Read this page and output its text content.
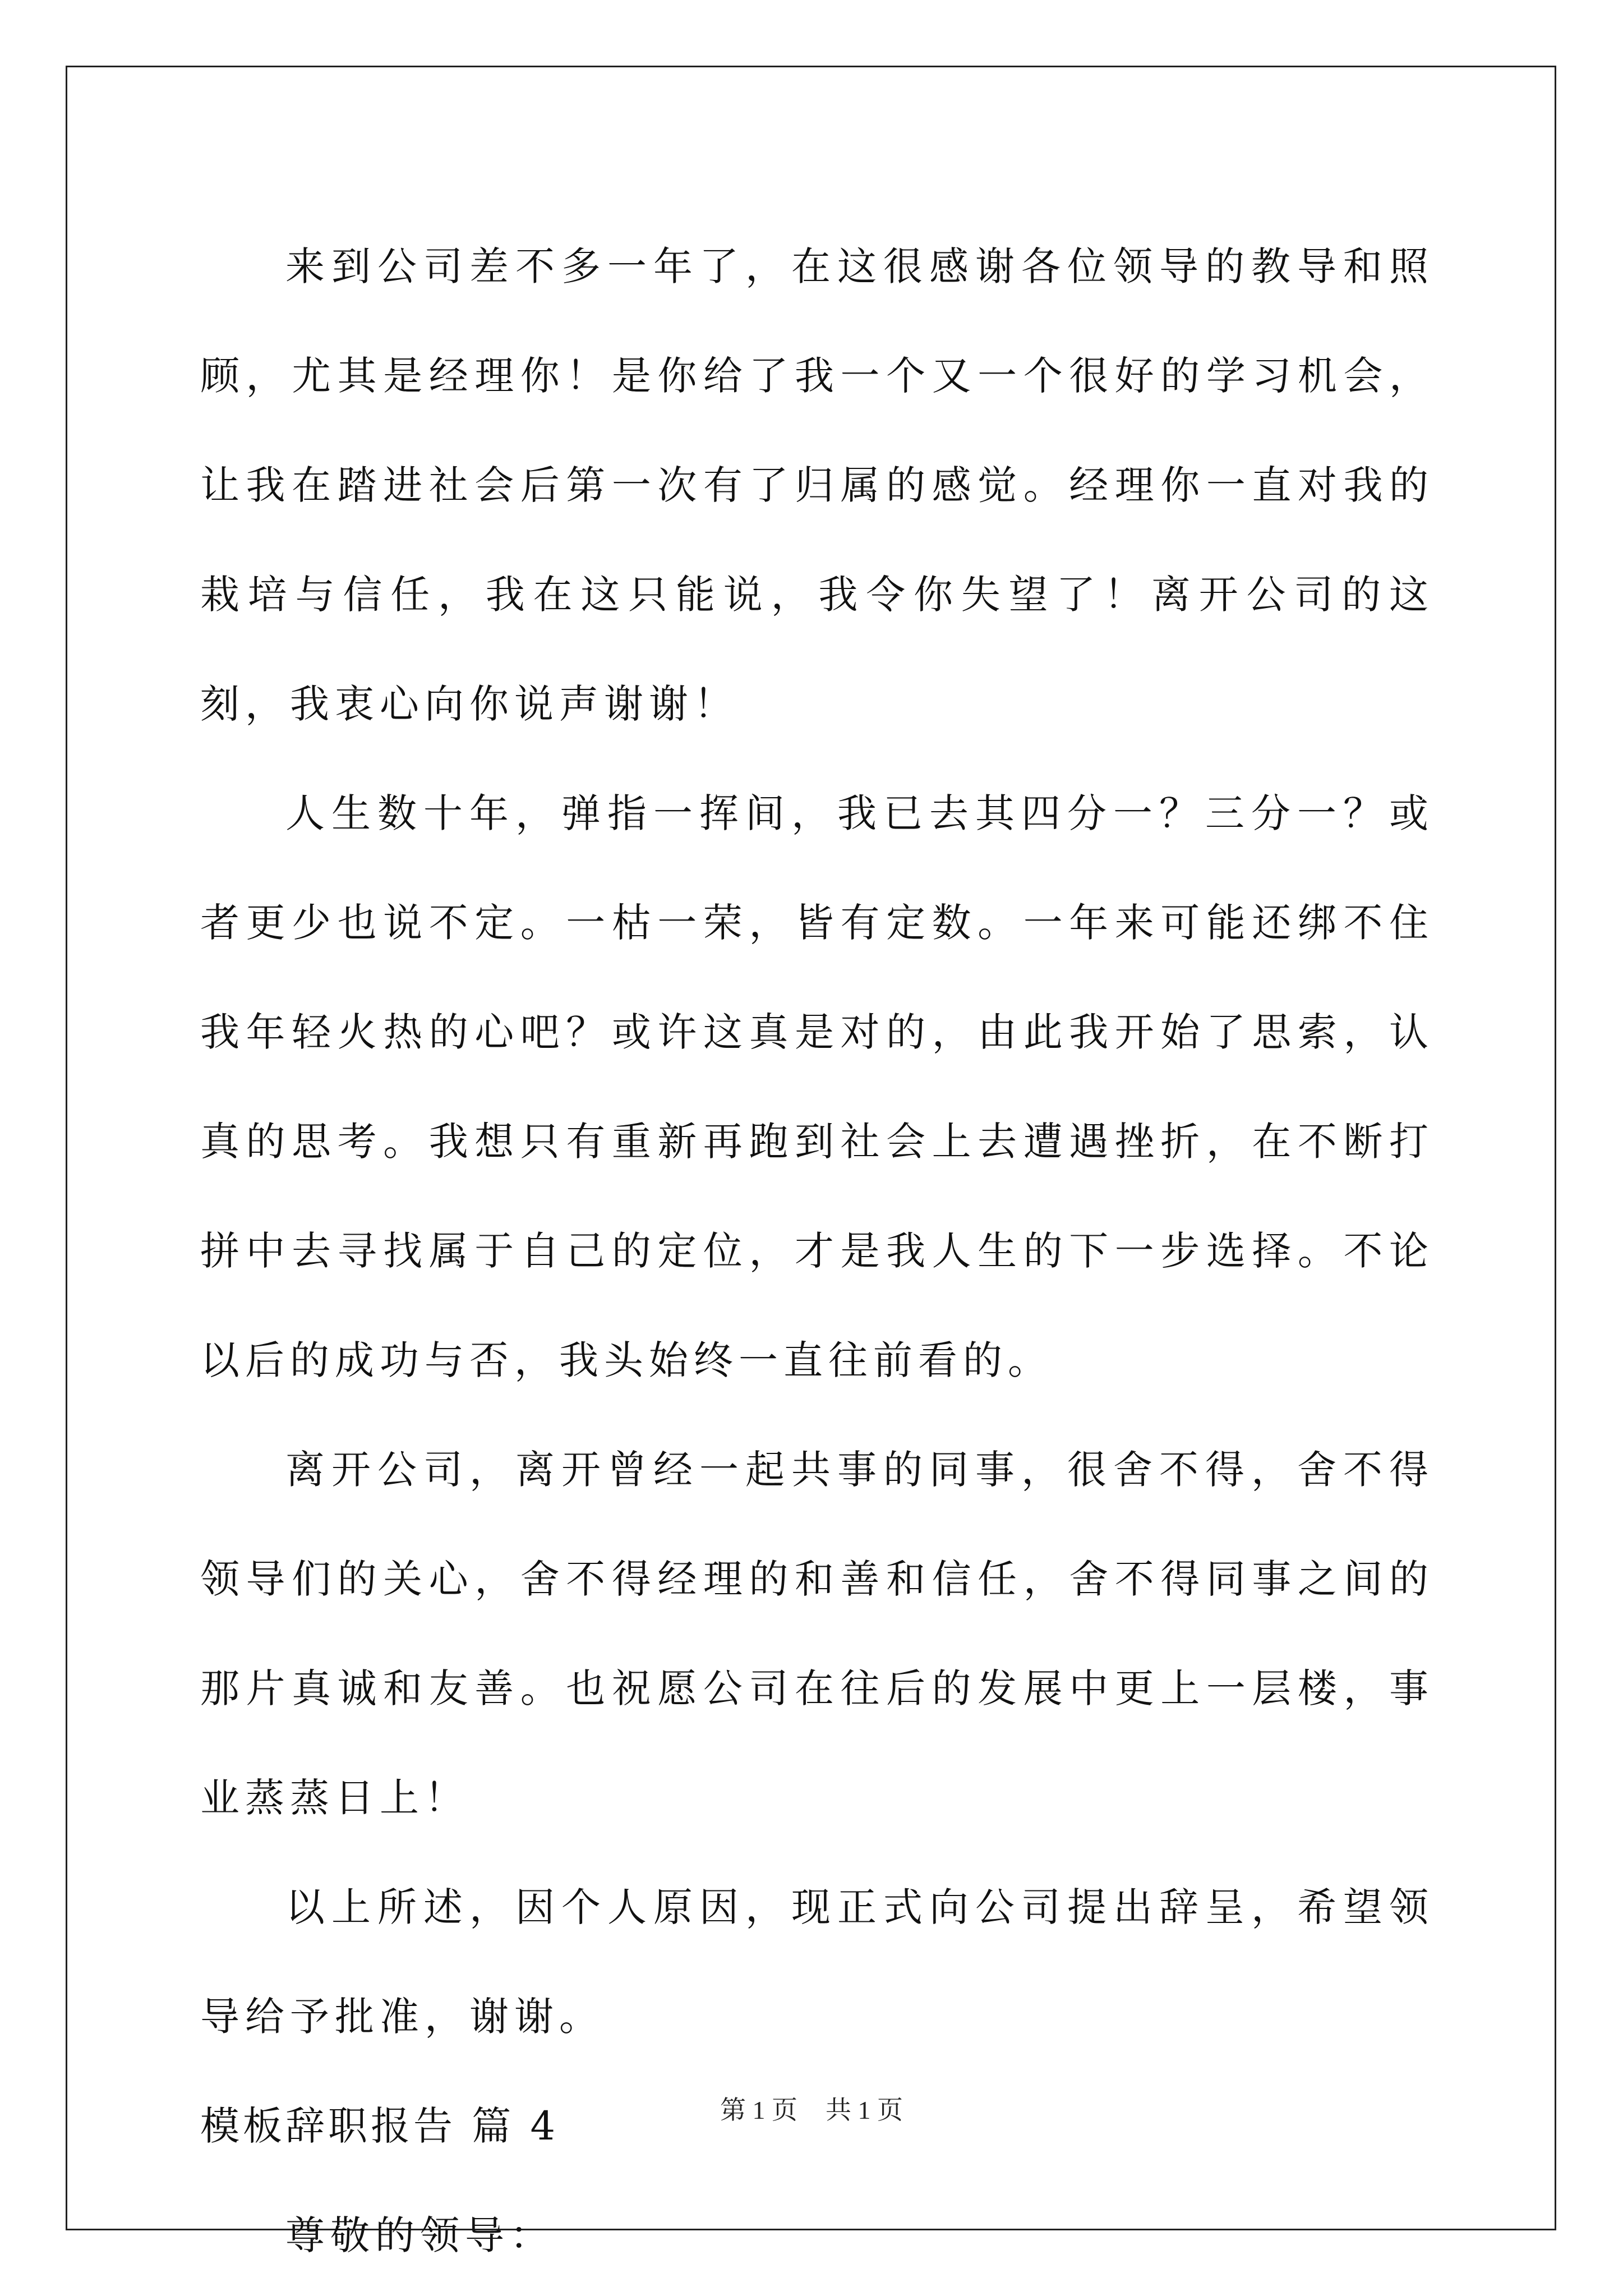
来到公司差不多一年了，在这很感谢各位领导的教导和照顾，尤其是经理你！是你给了我一个又一个很好的学习机会，让我在踏进社会后第一次有了归属的感觉。经理你一直对我的栽培与信任，我在这只能说，我令你失望了！离开公司的这刻，我衷心向你说声谢谢！

人生数十年，弹指一挥间，我已去其四分一？三分一？或者更少也说不定。一枯一荣，皆有定数。一年来可能还绑不住我年轻火热的心吧？或许这真是对的，由此我开始了思索，认真的思考。我想只有重新再跑到社会上去遭遇挫折，在不断打拼中去寻找属于自己的定位，才是我人生的下一步选择。不论以后的成功与否，我头始终一直往前看的。

离开公司，离开曾经一起共事的同事，很舍不得，舍不得领导们的关心，舍不得经理的和善和信任，舍不得同事之间的那片真诚和友善。也祝愿公司在往后的发展中更上一层楼，事业蒸蒸日上！

以上所述，因个人原因，现正式向公司提出辞呈，希望领导给予批准，谢谢。

模板辞职报告 篇 4

尊敬的领导：

第 1 页 共 1 页
